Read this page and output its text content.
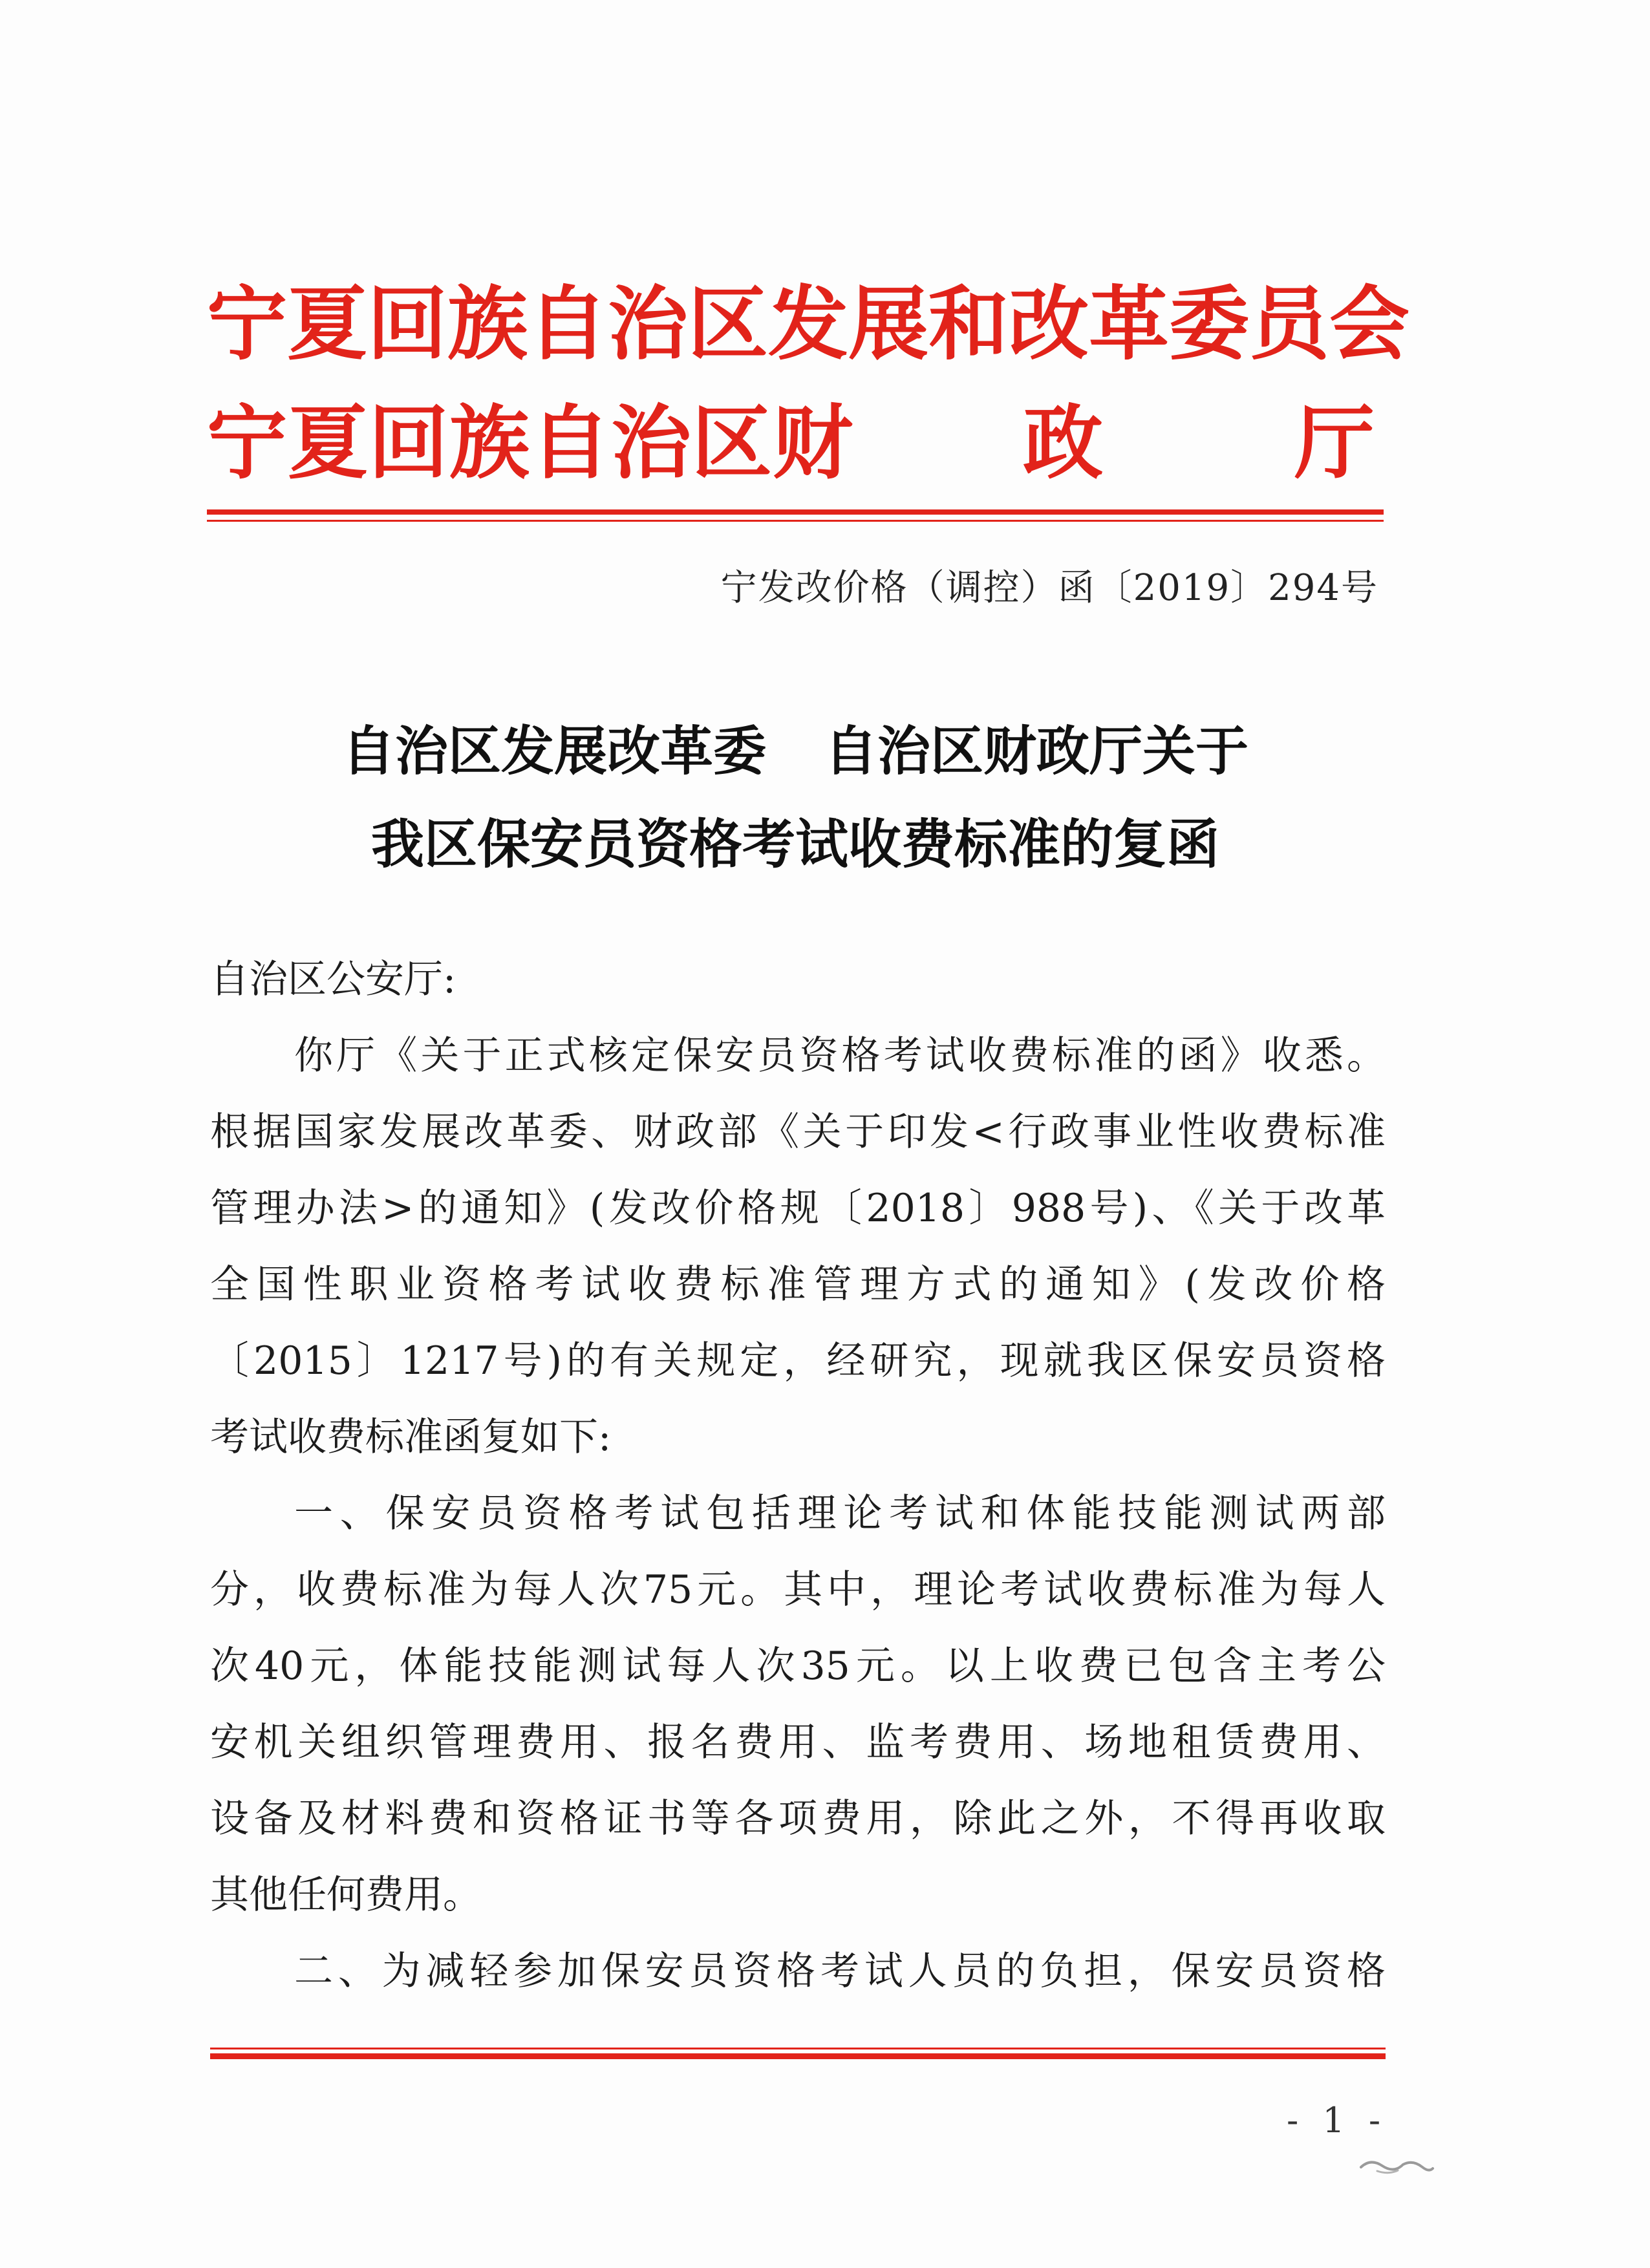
宁夏回族自治区发展和改革委员会
宁夏回族自治区财 政 厅
宁发改价格（调控）函〔2019〕294号
自治区发展改革委 自治区财政厅关于
我区保安员资格考试收费标准的复函
自治区公安厅:
你厅《关于正式核定保安员资格考试收费标准的函》收悉。
根据国家发展改革委、财政部《关于印发<行政事业性收费标准
管理办法>的通知》(发改价格规〔2018〕988号)、《关于改革
全国性职业资格考试收费标准管理方式的通知》(发改价格
〔2015〕1217号)的有关规定，经研究，现就我区保安员资格
考试收费标准函复如下:
一、保安员资格考试包括理论考试和体能技能测试两部
分，收费标准为每人次75元。其中，理论考试收费标准为每人
次40元，体能技能测试每人次35元。以上收费已包含主考公
安机关组织管理费用、报名费用、监考费用、场地租赁费用、
设备及材料费和资格证书等各项费用，除此之外，不得再收取
其他任何费用。
二、为减轻参加保安员资格考试人员的负担，保安员资格
- 1 -
